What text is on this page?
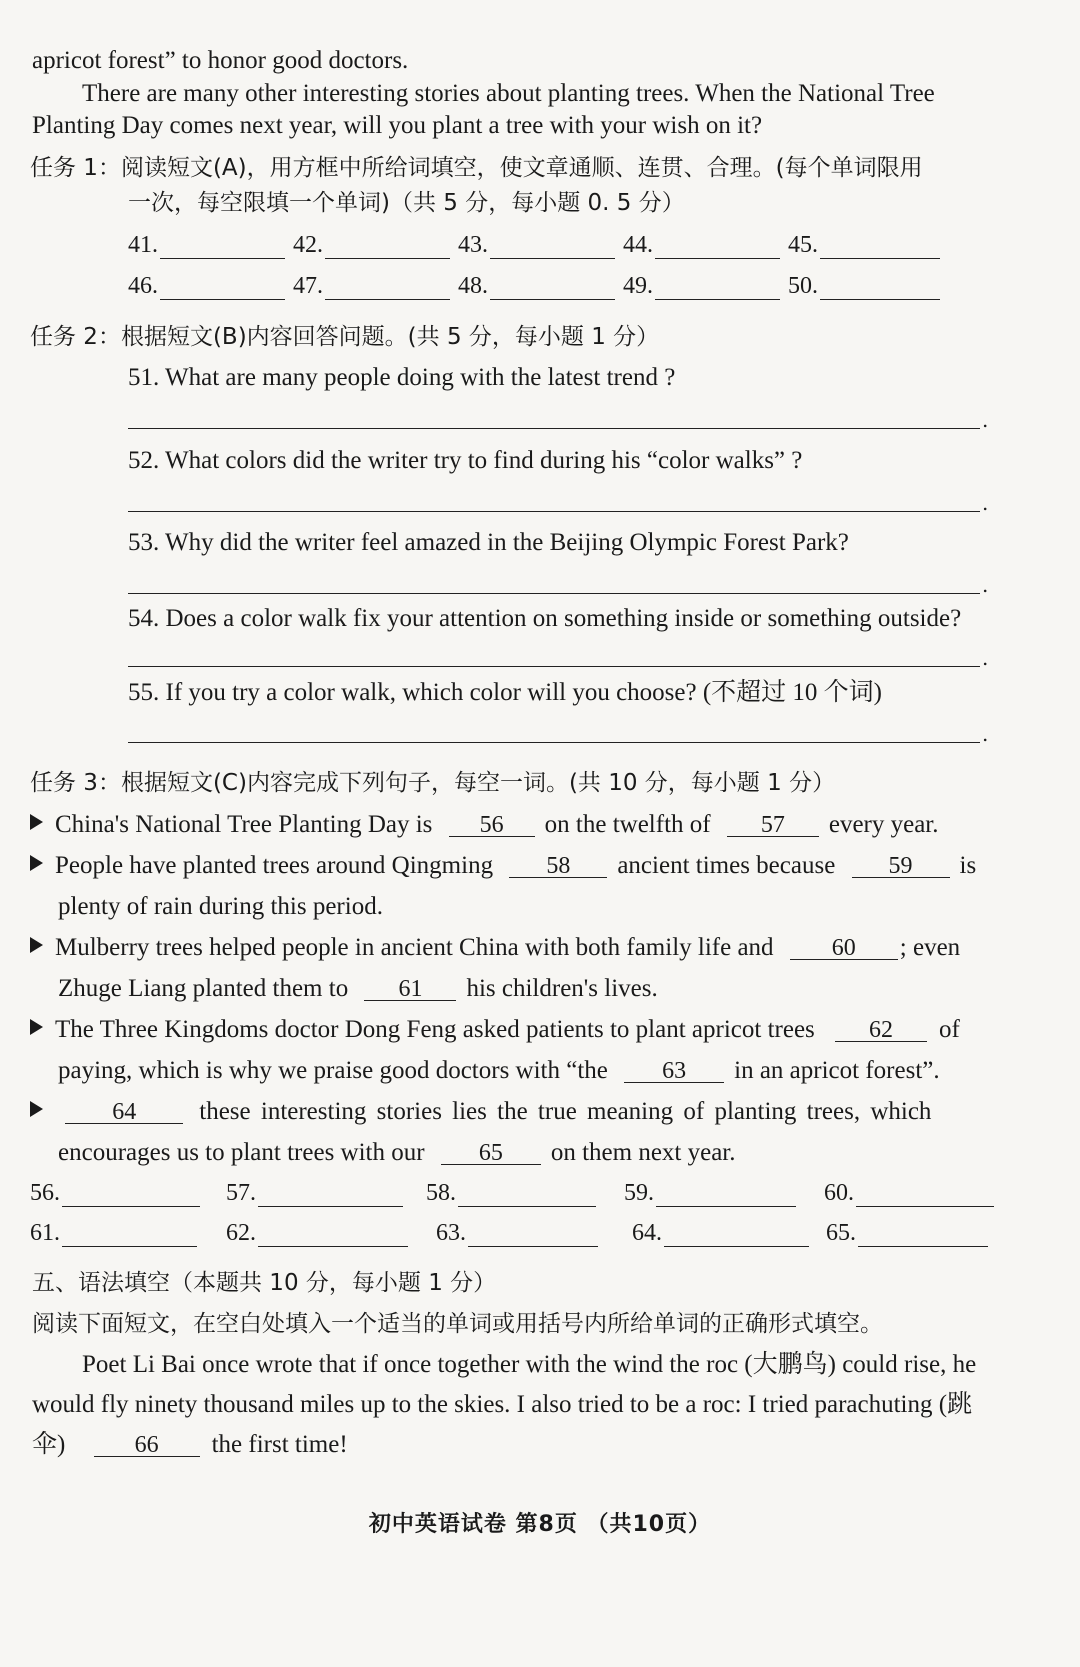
apricot forest” to honor good doctors.
There are many other interesting stories about planting trees. When the National Tree
Planting Day comes next year, will you plant a tree with your wish on it?
任务 1：阅读短文(A)，用方框中所给词填空，使文章通顺、连贯、合理。(每个单词限用
一次，每空限填一个单词)（共 5 分，每小题 0. 5 分）
41.	42.	43.	44.	45.
46.	47.	48.	49.	50.
任务 2：根据短文(B)内容回答问题。(共 5 分，每小题 1 分）
51. What are many people doing with the latest trend ?
.
52. What colors did the writer try to find during his “color walks” ?
.
53. Why did the writer feel amazed in the Beijing Olympic Forest Park?
.
54. Does a color walk fix your attention on something inside or something outside?
.
55. If you try a color walk, which color will you choose? (不超过 10 个词)
.
任务 3：根据短文(C)内容完成下列句子，每空一词。(共 10 分，每小题 1 分）
China's National Tree Planting Day is 56 on the twelfth of 57 every year.
People have planted trees around Qingming 58 ancient times because 59 is
plenty of rain during this period.
Mulberry trees helped people in ancient China with both family life and 60 ; even
Zhuge Liang planted them to 61 his children's lives.
The Three Kingdoms doctor Dong Feng asked patients to plant apricot trees 62 of
paying, which is why we praise good doctors with “the 63 in an apricot forest”.
64	these interesting stories lies the true meaning of planting trees, which
encourages us to plant trees with our 65 on them next year.
56.	57.	58.	59.	60.
61.	62.	63.	64.	65.
五、语法填空（本题共 10 分，每小题 1 分）
阅读下面短文，在空白处填入一个适当的单词或用括号内所给单词的正确形式填空。
Poet Li Bai once wrote that if once together with the wind the roc (大鹏鸟) could rise, he
would fly ninety thousand miles up to the skies. I also tried to be a roc: I tried parachuting (跳
伞)	66 the first time!
初中英语试卷 第8页 （共10页）
